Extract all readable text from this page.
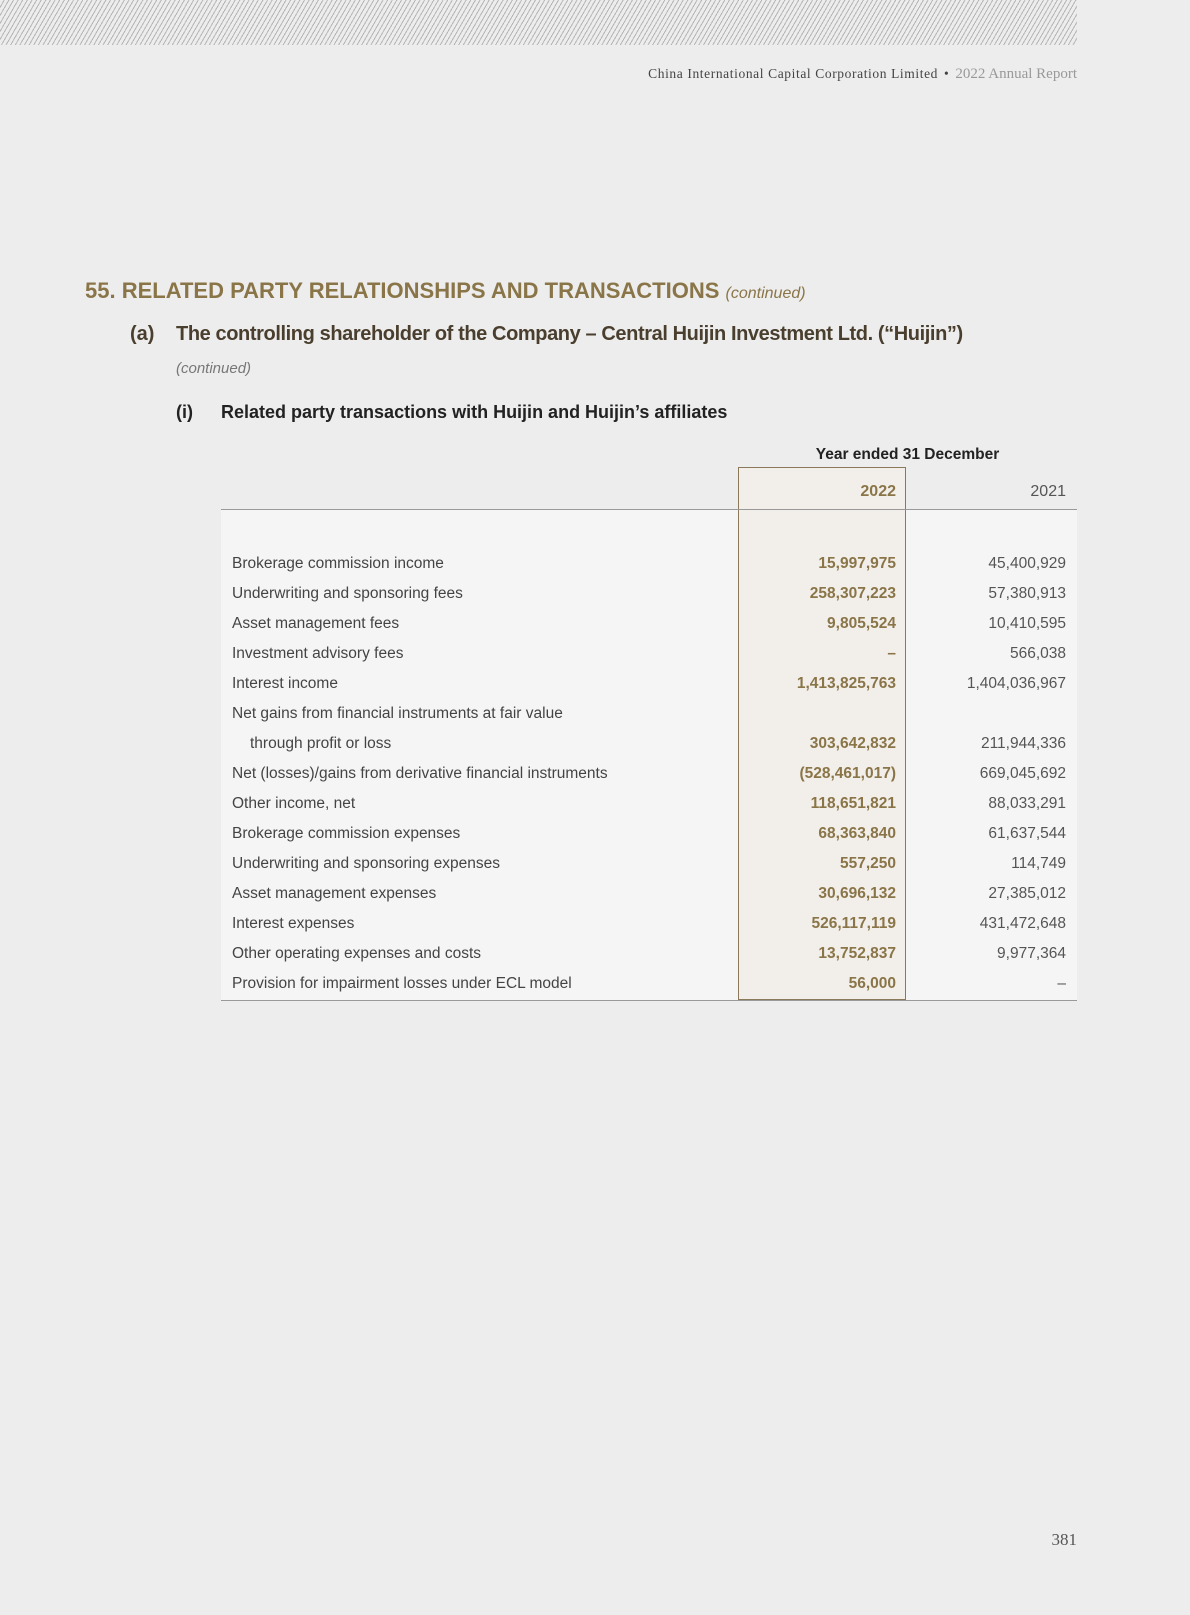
China International Capital Corporation Limited • 2022 Annual Report
55. RELATED PARTY RELATIONSHIPS AND TRANSACTIONS (continued)
(a) The controlling shareholder of the Company – Central Huijin Investment Ltd. (“Huijin”)
(continued)
(i) Related party transactions with Huijin and Huijin’s affiliates
Year ended 31 December
2022	2021
Brokerage commission income	15,997,975	45,400,929
Underwriting and sponsoring fees	258,307,223	57,380,913
Asset management fees	9,805,524	10,410,595
Investment advisory fees	–	566,038
Interest income	1,413,825,763	1,404,036,967
Net gains from financial instruments at fair value
through profit or loss	303,642,832	211,944,336
Net (losses)/gains from derivative financial instruments	(528,461,017)	669,045,692
Other income, net	118,651,821	88,033,291
Brokerage commission expenses	68,363,840	61,637,544
Underwriting and sponsoring expenses	557,250	114,749
Asset management expenses	30,696,132	27,385,012
Interest expenses	526,117,119	431,472,648
Other operating expenses and costs	13,752,837	9,977,364
Provision for impairment losses under ECL model	56,000	–
381
